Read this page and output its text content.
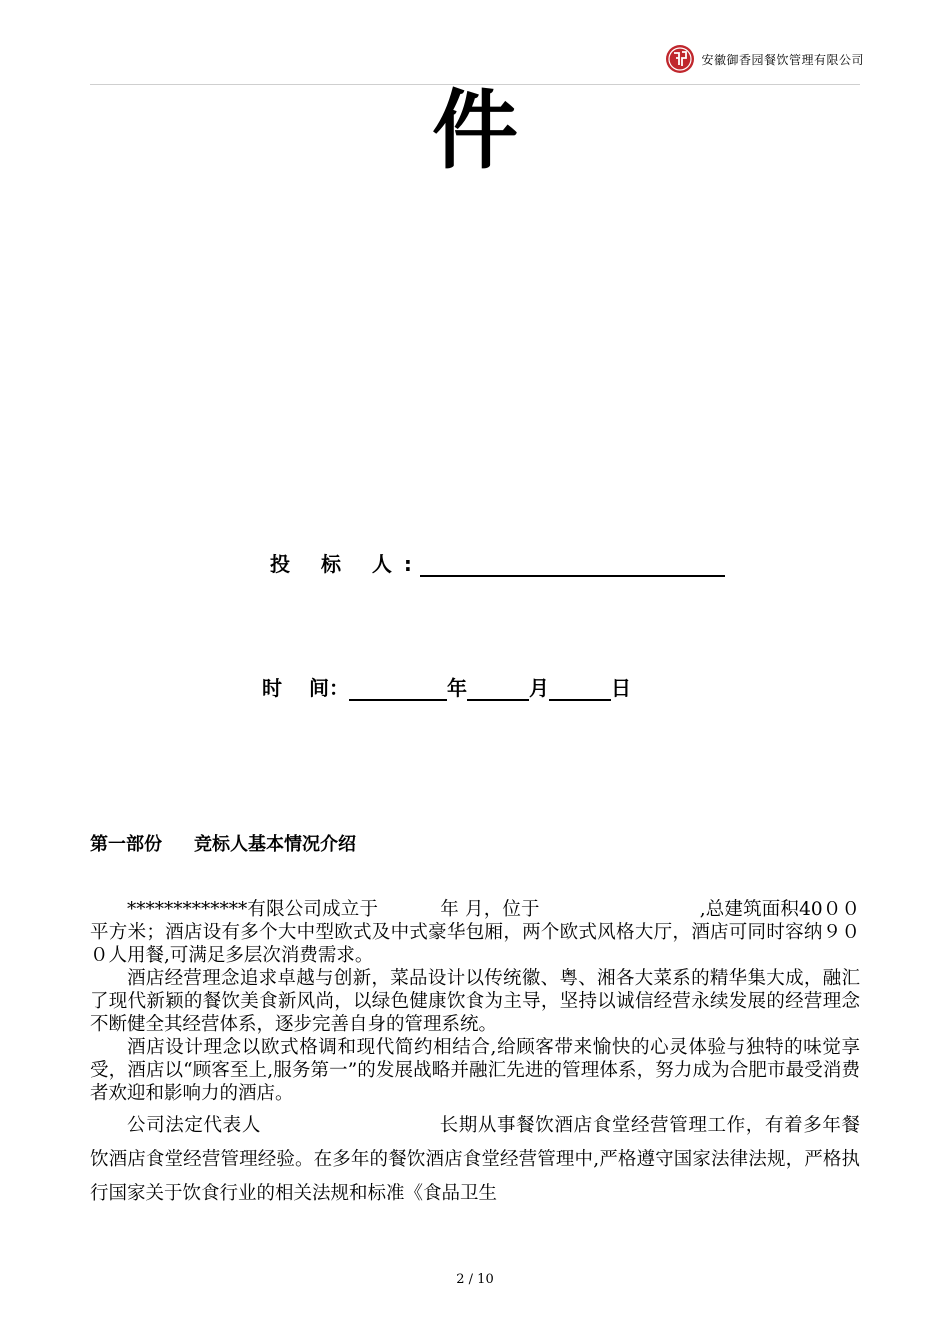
安徽御香园餐饮管理有限公司
件
投 标 人:
时　 间：	年	月	日
第一部份 竞标人基本情况介绍

*************有限公司成立于	年 月，位于	,总建筑面积40００平方米；酒店设有多个大中型欧式及中式豪华包厢，两个欧式风格大厅，酒店可同时容纳９００人用餐,可满足多层次消费需求。

酒店经营理念追求卓越与创新，菜品设计以传统徽、粤、湘各大菜系的精华集大成，融汇了现代新颖的餐饮美食新风尚，以绿色健康饮食为主导，坚持以诚信经营永续发展的经营理念不断健全其经营体系，逐步完善自身的管理系统。

酒店设计理念以欧式格调和现代简约相结合,给顾客带来愉快的心灵体验与独特的味觉享受，酒店以“顾客至上,服务第一”的发展战略并融汇先进的管理体系，努力成为合肥市最受消费者欢迎和影响力的酒店。

公司法定代表人	长期从事餐饮酒店食堂经营管理工作，有着多年餐饮酒店食堂经营管理经验。在多年的餐饮酒店食堂经营管理中,严格遵守国家法律法规，严格执行国家关于饮食行业的相关法规和标准《食品卫生

2 / 10
